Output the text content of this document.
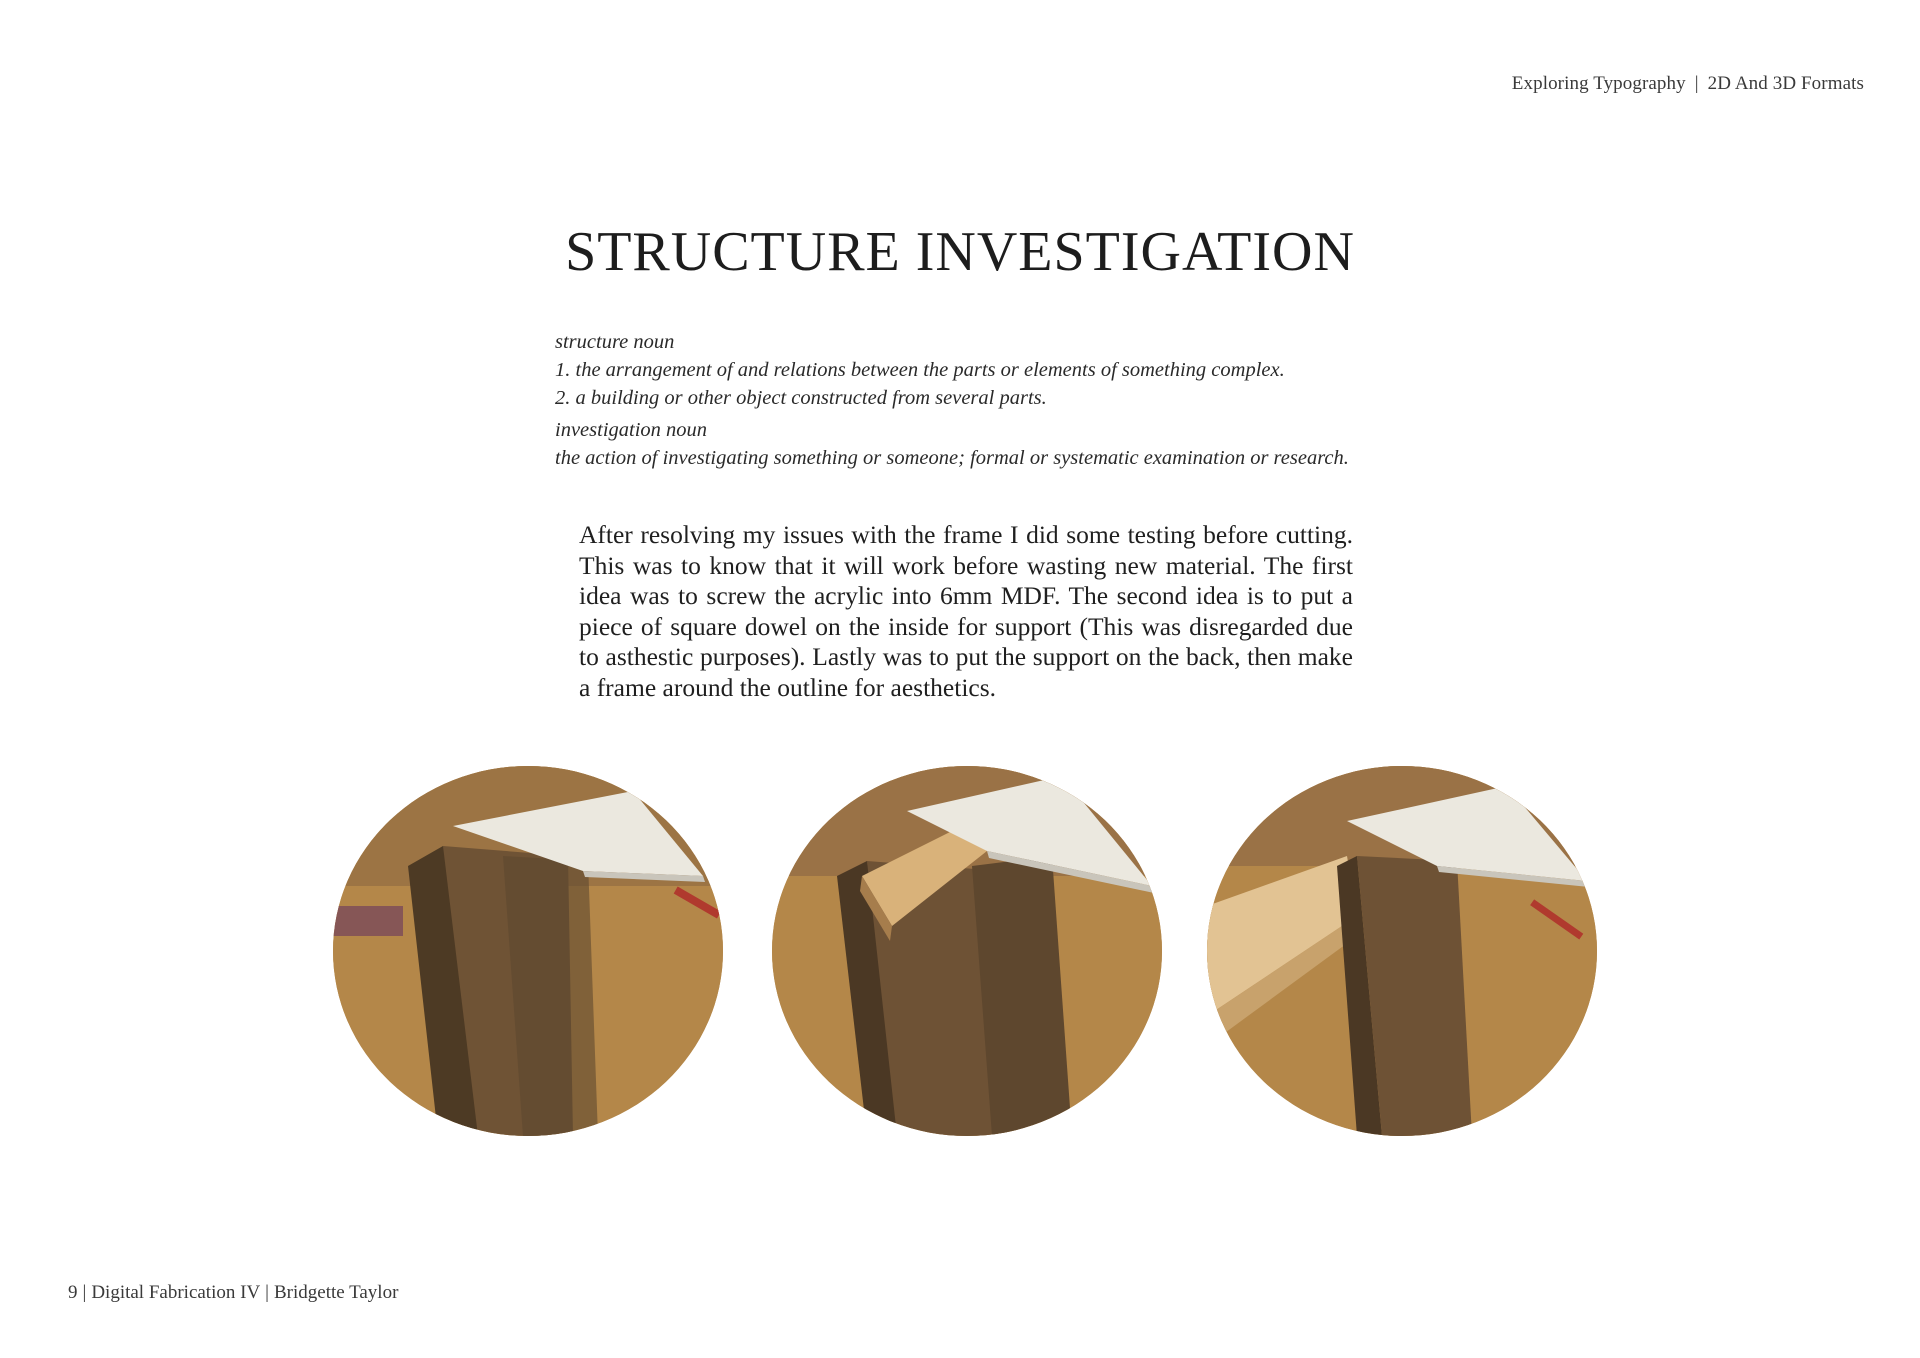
Exploring Typography | 2D And 3D Formats
STRUCTURE INVESTIGATION
structure noun
1. the arrangement of and relations between the parts or elements of something complex.
2. a building or other object constructed from several parts.
investigation noun
the action of investigating something or someone; formal or systematic examination or research.

After resolving my issues with the frame I did some testing before cutting. This was to know that it will work before wasting new material. The first idea was to screw the acrylic into 6mm MDF. The second idea is to put a piece of square dowel on the inside for support (This was disregarded due to asthestic purposes). Lastly was to put the support on the back, then make a frame around the outline for aesthetics.

9 | Digital Fabrication IV | Bridgette Taylor
